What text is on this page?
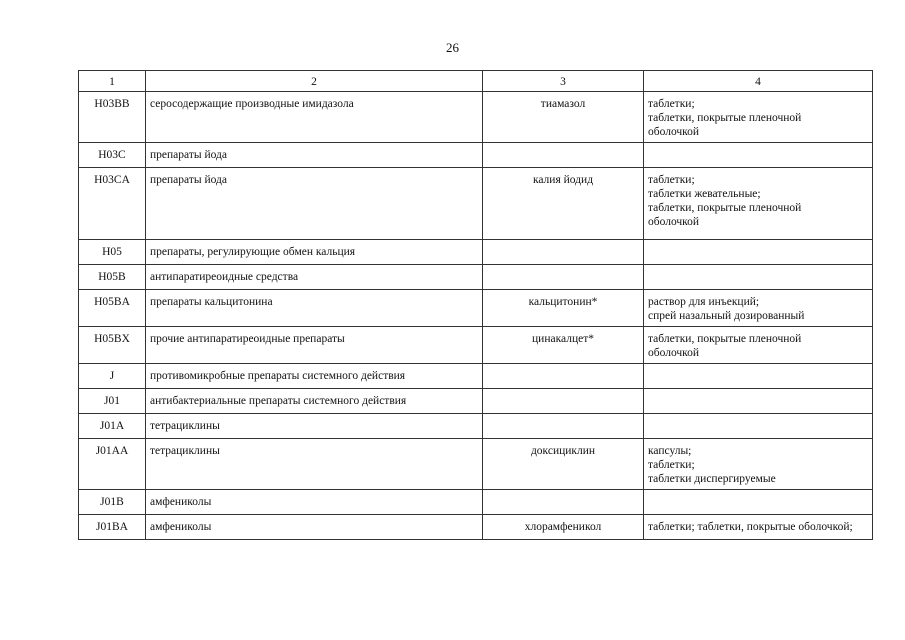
26
1	2	3	4
H03BB	серосодержащие производные имидазола	тиамазол	таблетки;
таблетки, покрытые пленочной
оболочкой

H03C	препараты йода		
H03CA	препараты йода	калия йодид	таблетки;
таблетки жевательные;
таблетки, покрытые пленочной
оболочкой

H05	препараты, регулирующие обмен кальция		
H05B	антипаратиреоидные средства		
H05BA	препараты кальцитонина	кальцитонин*	раствор для инъекций;
спрей назальный дозированный

H05BX	прочие антипаратиреоидные препараты	цинакалцет*	таблетки, покрытые пленочной
оболочкой

J	противомикробные препараты системного действия		
J01	антибактериальные препараты системного действия		
J01A	тетрациклины		
J01AA	тетрациклины	доксициклин	капсулы;
таблетки;
таблетки диспергируемые

J01B	амфениколы		
J01BA	амфениколы	хлорамфеникол	таблетки; таблетки, покрытые оболочкой;
